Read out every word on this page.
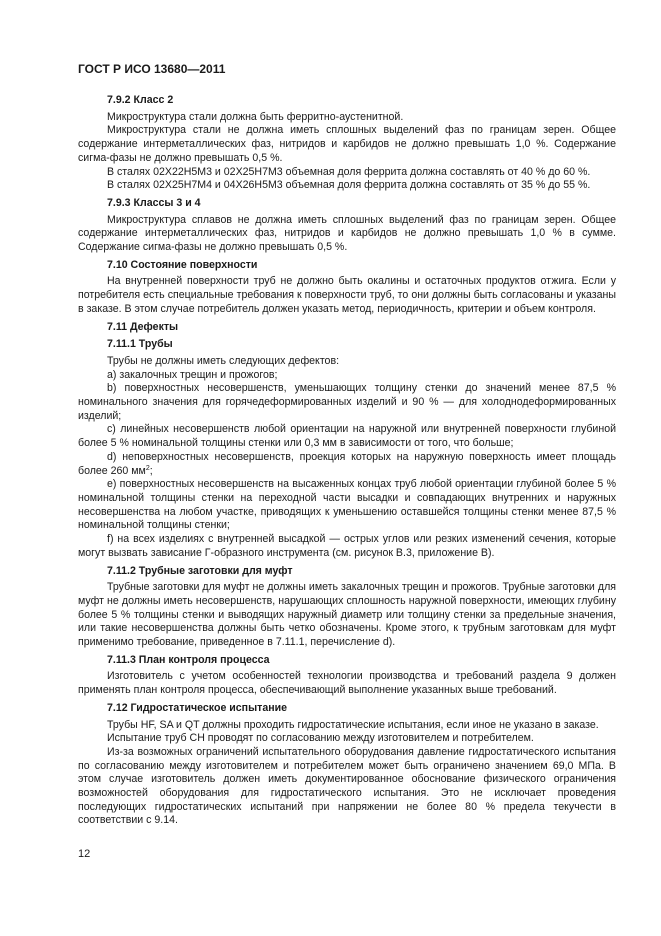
ГОСТ Р ИСО 13680—2011

7.9.2 Класс 2

Микроструктура стали должна быть ферритно-аустенитной.

Микроструктура стали не должна иметь сплошных выделений фаз по границам зерен. Общее содержание интерметаллических фаз, нитридов и карбидов не должно превышать 1,0 %. Содержание сигма-фазы не должно превышать 0,5 %.

В сталях 02Х22Н5М3 и 02Х25Н7М3 объемная доля феррита должна составлять от 40 % до 60 %.

В сталях 02Х25Н7М4 и 04Х26Н5М3 объемная доля феррита должна составлять от 35 % до 55 %.

7.9.3 Классы 3 и 4

Микроструктура сплавов не должна иметь сплошных выделений фаз по границам зерен. Общее содержание интерметаллических фаз, нитридов и карбидов не должно превышать 1,0 % в сумме. Содержание сигма-фазы не должно превышать 0,5 %.

7.10 Состояние поверхности

На внутренней поверхности труб не должно быть окалины и остаточных продуктов отжига. Если у потребителя есть специальные требования к поверхности труб, то они должны быть согласованы и указаны в заказе. В этом случае потребитель должен указать метод, периодичность, критерии и объем контроля.

7.11 Дефекты

7.11.1 Трубы

Трубы не должны иметь следующих дефектов:

a) закалочных трещин и прожогов;

b) поверхностных несовершенств, уменьшающих толщину стенки до значений менее 87,5 % номинального значения для горячедеформированных изделий и 90 % — для холоднодеформированных изделий;

c) линейных несовершенств любой ориентации на наружной или внутренней поверхности глубиной более 5 % номинальной толщины стенки или 0,3 мм в зависимости от того, что больше;

d) неповерхностных несовершенств, проекция которых на наружную поверхность имеет площадь более 260 $мм^2$;

e) поверхностных несовершенств на высаженных концах труб любой ориентации глубиной более 5 % номинальной толщины стенки на переходной части высадки и совпадающих внутренних и наружных несовершенства на любом участке, приводящих к уменьшению оставшейся толщины стенки менее 87,5 % номинальной толщины стенки;

f) на всех изделиях с внутренней высадкой — острых углов или резких изменений сечения, которые могут вызвать зависание Г-образного инструмента (см. рисунок В.3, приложение В).

7.11.2 Трубные заготовки для муфт

Трубные заготовки для муфт не должны иметь закалочных трещин и прожогов. Трубные заготовки для муфт не должны иметь несовершенств, нарушающих сплошность наружной поверхности, имеющих глубину более 5 % толщины стенки и выводящих наружный диаметр или толщину стенки за предельные значения, или такие несовершенства должны быть четко обозначены. Кроме этого, к трубным заготовкам для муфт применимо требование, приведенное в 7.11.1, перечисление d).

7.11.3 План контроля процесса

Изготовитель с учетом особенностей технологии производства и требований раздела 9 должен применять план контроля процесса, обеспечивающий выполнение указанных выше требований.

7.12 Гидростатическое испытание

Трубы HF, SA и QT должны проходить гидростатические испытания, если иное не указано в заказе.

Испытание труб CH проводят по согласованию между изготовителем и потребителем.

Из-за возможных ограничений испытательного оборудования давление гидростатического испытания по согласованию между изготовителем и потребителем может быть ограничено значением 69,0 МПа. В этом случае изготовитель должен иметь документированное обоснование физического ограничения возможностей оборудования для гидростатического испытания. Это не исключает проведения последующих гидростатических испытаний при напряжении не более 80 % предела текучести в соответствии с 9.14.

12
